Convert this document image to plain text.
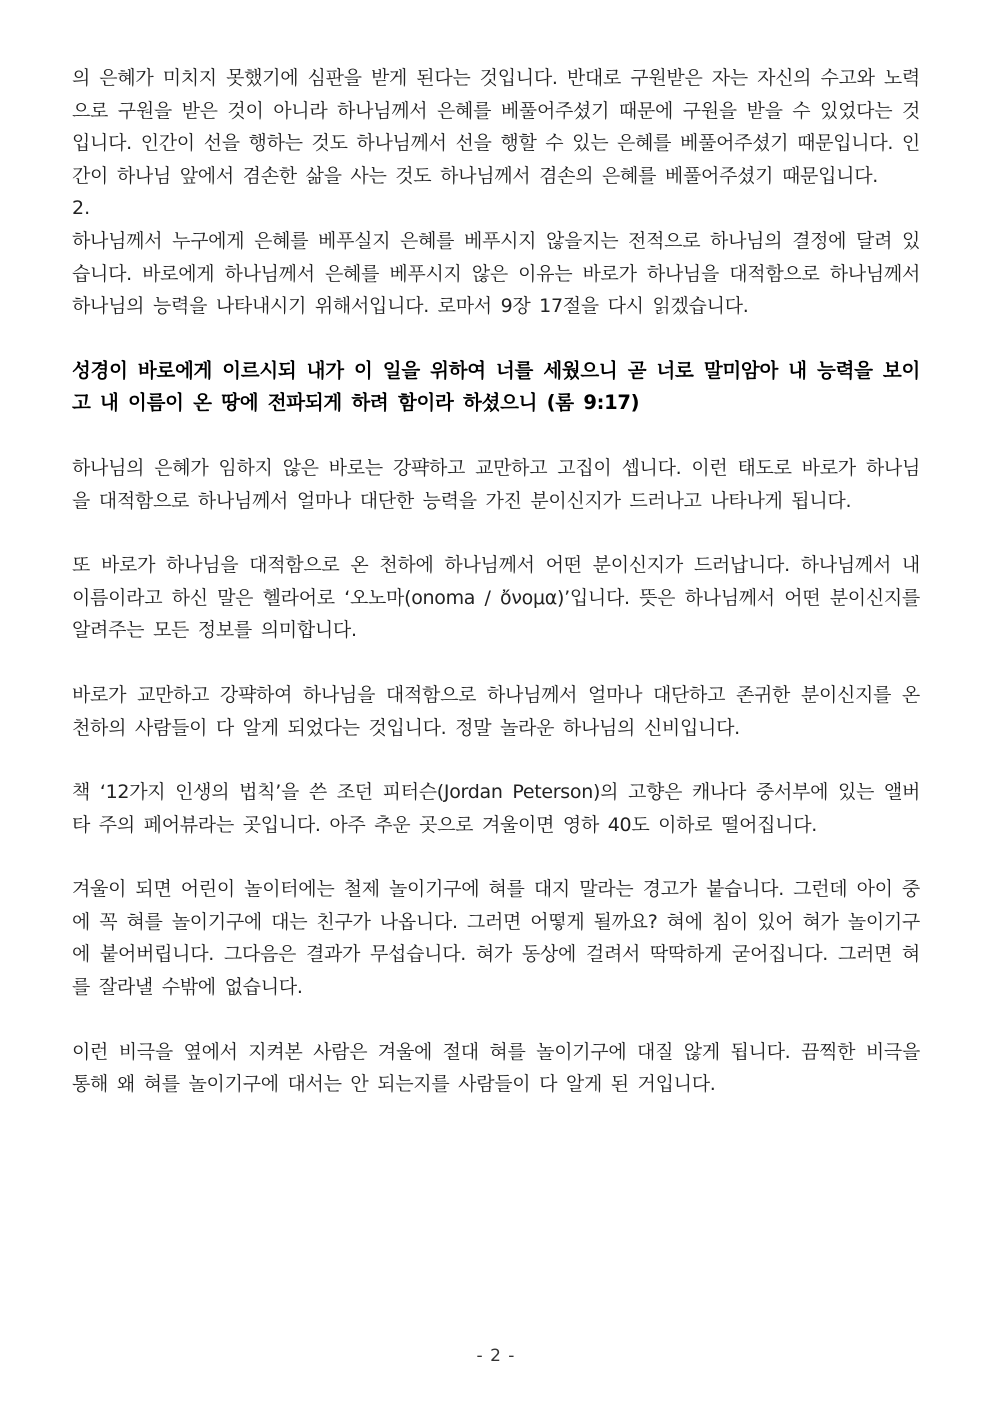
의 은혜가 미치지 못했기에 심판을 받게 된다는 것입니다. 반대로 구원받은 자는 자신의 수고와 노력으로 구원을 받은 것이 아니라 하나님께서 은혜를 베풀어주셨기 때문에 구원을 받을 수 있었다는 것입니다. 인간이 선을 행하는 것도 하나님께서 선을 행할 수 있는 은혜를 베풀어주셨기 때문입니다. 인간이 하나님 앞에서 겸손한 삶을 사는 것도 하나님께서 겸손의 은혜를 베풀어주셨기 때문입니다.

2.

하나님께서 누구에게 은혜를 베푸실지 은혜를 베푸시지 않을지는 전적으로 하나님의 결정에 달려 있습니다. 바로에게 하나님께서 은혜를 베푸시지 않은 이유는 바로가 하나님을 대적함으로 하나님께서 하나님의 능력을 나타내시기 위해서입니다. 로마서 9장 17절을 다시 읽겠습니다.

성경이 바로에게 이르시되 내가 이 일을 위하여 너를 세웠으니 곧 너로 말미암아 내 능력을 보이고 내 이름이 온 땅에 전파되게 하려 함이라 하셨으니 (롬 9:17)

하나님의 은혜가 임하지 않은 바로는 강퍅하고 교만하고 고집이 셉니다. 이런 태도로 바로가 하나님을 대적함으로 하나님께서 얼마나 대단한 능력을 가진 분이신지가 드러나고 나타나게 됩니다.

또 바로가 하나님을 대적함으로 온 천하에 하나님께서 어떤 분이신지가 드러납니다. 하나님께서 내 이름이라고 하신 말은 헬라어로 ‘오노마(onoma / ὄνομα)’입니다. 뜻은 하나님께서 어떤 분이신지를 알려주는 모든 정보를 의미합니다.

바로가 교만하고 강퍅하여 하나님을 대적함으로 하나님께서 얼마나 대단하고 존귀한 분이신지를 온 천하의 사람들이 다 알게 되었다는 것입니다. 정말 놀라운 하나님의 신비입니다.

책 ‘12가지 인생의 법칙’을 쓴 조던 피터슨(Jordan Peterson)의 고향은 캐나다 중서부에 있는 앨버타 주의 페어뷰라는 곳입니다. 아주 추운 곳으로 겨울이면 영하 40도 이하로 떨어집니다.

겨울이 되면 어린이 놀이터에는 철제 놀이기구에 혀를 대지 말라는 경고가 붙습니다. 그런데 아이 중에 꼭 혀를 놀이기구에 대는 친구가 나옵니다. 그러면 어떻게 될까요? 혀에 침이 있어 혀가 놀이기구에 붙어버립니다. 그다음은 결과가 무섭습니다. 혀가 동상에 걸려서 딱딱하게 굳어집니다. 그러면 혀를 잘라낼 수밖에 없습니다.

이런 비극을 옆에서 지켜본 사람은 겨울에 절대 혀를 놀이기구에 대질 않게 됩니다. 끔찍한 비극을 통해 왜 혀를 놀이기구에 대서는 안 되는지를 사람들이 다 알게 된 거입니다.

- 2 -
